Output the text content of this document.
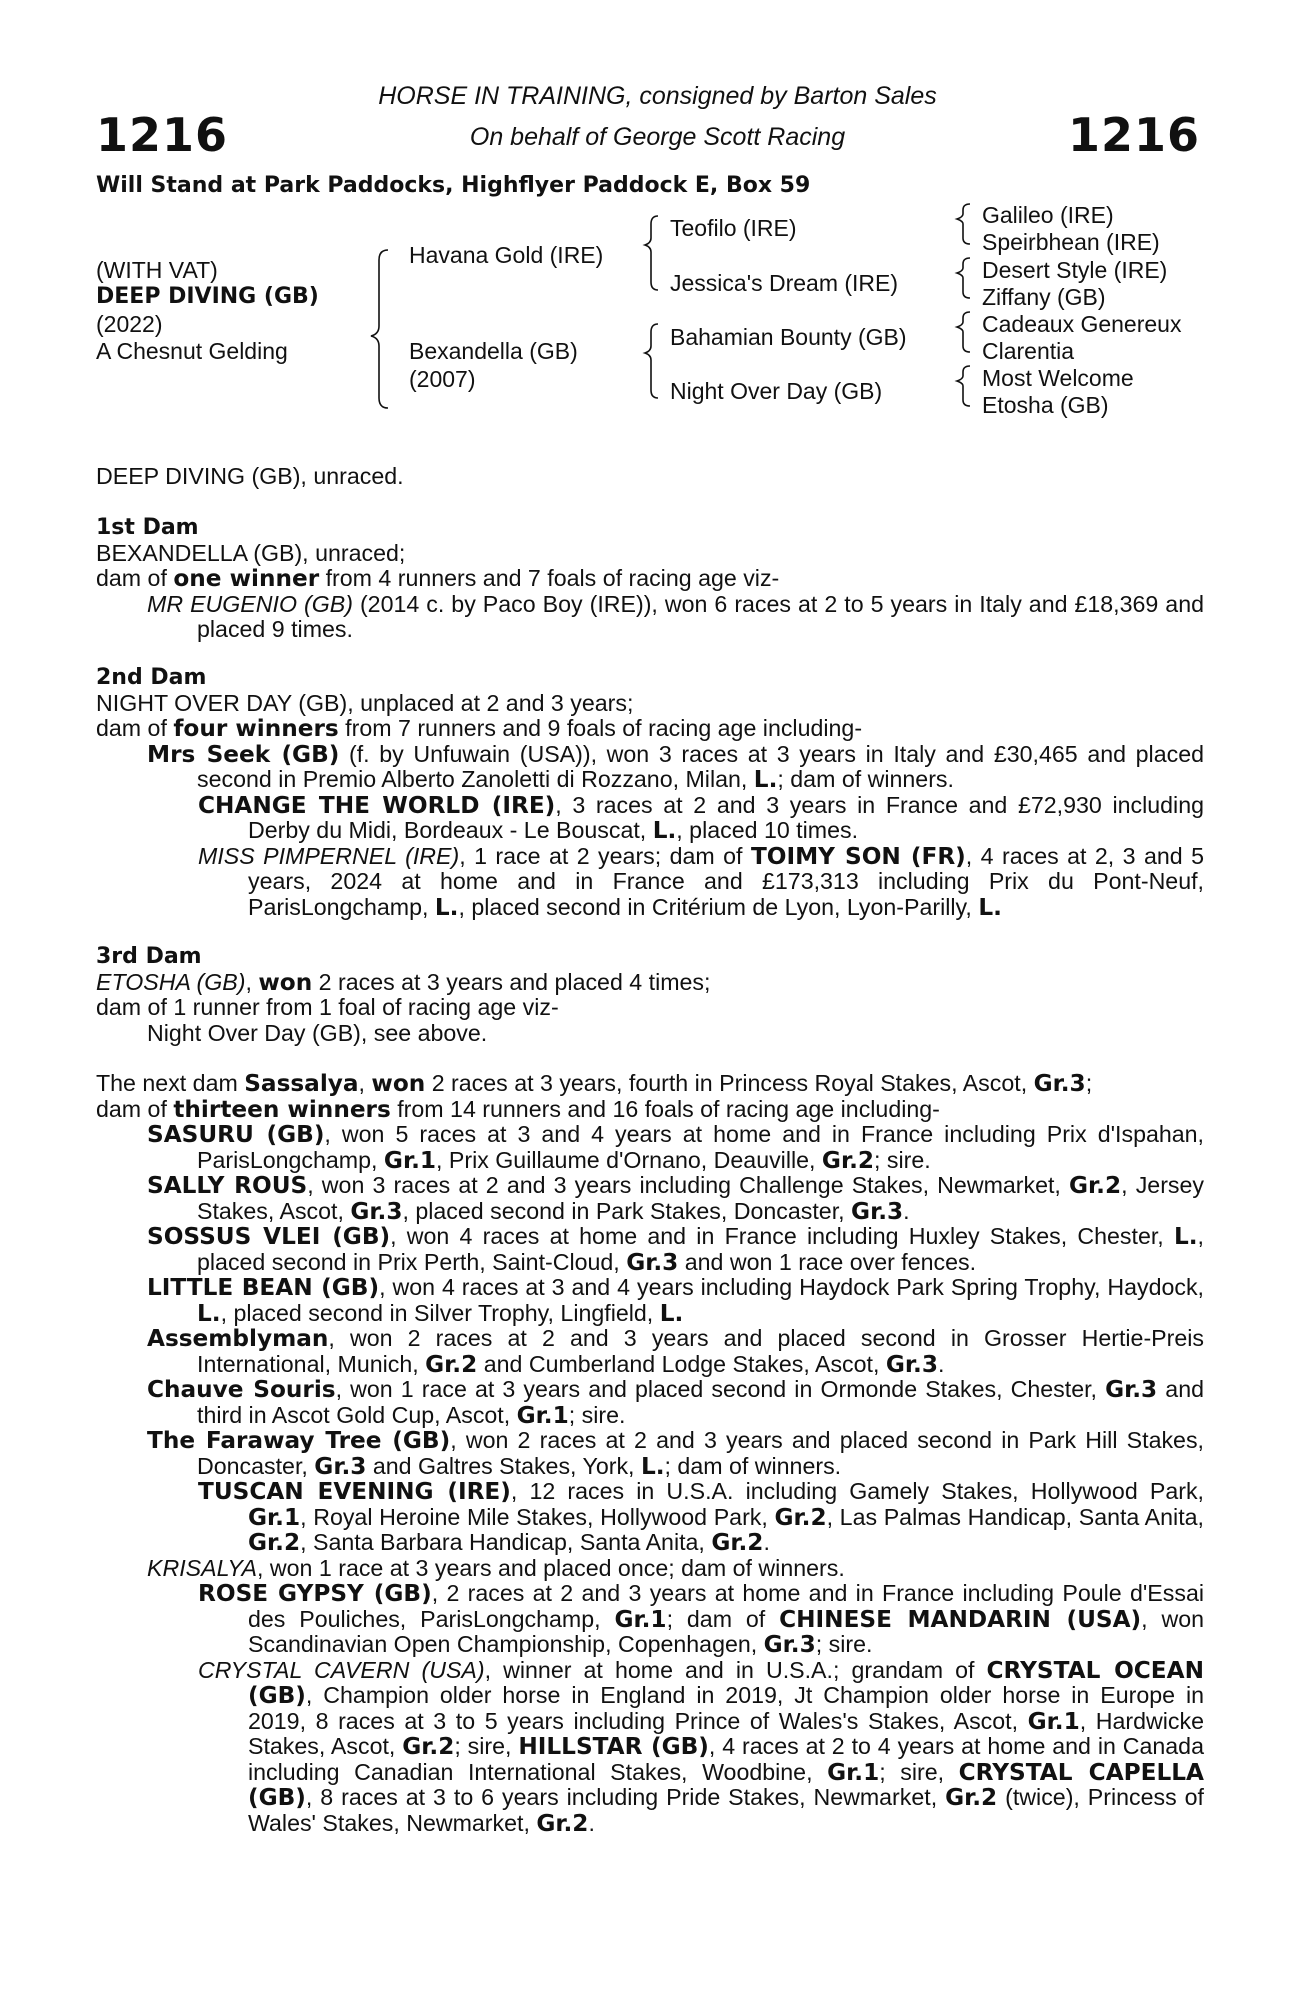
1216	1216
HORSE IN TRAINING, consigned by Barton Sales
On behalf of George Scott Racing
Will Stand at Park Paddocks, Highflyer Paddock E, Box 59
(WITH VAT)
DEEP DIVING (GB)
(2022)
A Chesnut Gelding
Havana Gold (IRE)
Bexandella (GB)
(2007)
Teofilo (IRE)
Jessica's Dream (IRE)
Bahamian Bounty (GB)
Night Over Day (GB)
Galileo (IRE)
Speirbhean (IRE)
Desert Style (IRE)
Ziffany (GB)
Cadeaux Genereux
Clarentia
Most Welcome
Etosha (GB)

DEEP DIVING (GB), unraced.

1st Dam

BEXANDELLA (GB), unraced;

dam of one winner from 4 runners and 7 foals of racing age viz-

MR EUGENIO (GB) (2014 c. by Paco Boy (IRE)), won 6 races at 2 to 5 years in Italy and £18,369 and placed 9 times.

2nd Dam

NIGHT OVER DAY (GB), unplaced at 2 and 3 years;

dam of four winners from 7 runners and 9 foals of racing age including-

Mrs Seek (GB) (f. by Unfuwain (USA)), won 3 races at 3 years in Italy and £30,465 and placed second in Premio Alberto Zanoletti di Rozzano, Milan, L.; dam of winners.

CHANGE THE WORLD (IRE), 3 races at 2 and 3 years in France and £72,930 including Derby du Midi, Bordeaux - Le Bouscat, L., placed 10 times.

MISS PIMPERNEL (IRE), 1 race at 2 years; dam of TOIMY SON (FR), 4 races at 2, 3 and 5 years, 2024 at home and in France and £173,313 including Prix du Pont-Neuf, ParisLongchamp, L., placed second in Critérium de Lyon, Lyon-Parilly, L.

3rd Dam

ETOSHA (GB), won 2 races at 3 years and placed 4 times;

dam of 1 runner from 1 foal of racing age viz-

Night Over Day (GB), see above.

The next dam Sassalya, won 2 races at 3 years, fourth in Princess Royal Stakes, Ascot, Gr.3;

dam of thirteen winners from 14 runners and 16 foals of racing age including-

SASURU (GB), won 5 races at 3 and 4 years at home and in France including Prix d'Ispahan, ParisLongchamp, Gr.1, Prix Guillaume d'Ornano, Deauville, Gr.2; sire.

SALLY ROUS, won 3 races at 2 and 3 years including Challenge Stakes, Newmarket, Gr.2, Jersey Stakes, Ascot, Gr.3, placed second in Park Stakes, Doncaster, Gr.3.

SOSSUS VLEI (GB), won 4 races at home and in France including Huxley Stakes, Chester, L., placed second in Prix Perth, Saint-Cloud, Gr.3 and won 1 race over fences.

LITTLE BEAN (GB), won 4 races at 3 and 4 years including Haydock Park Spring Trophy, Haydock, L., placed second in Silver Trophy, Lingfield, L.

Assemblyman, won 2 races at 2 and 3 years and placed second in Grosser Hertie-Preis International, Munich, Gr.2 and Cumberland Lodge Stakes, Ascot, Gr.3.

Chauve Souris, won 1 race at 3 years and placed second in Ormonde Stakes, Chester, Gr.3 and third in Ascot Gold Cup, Ascot, Gr.1; sire.

The Faraway Tree (GB), won 2 races at 2 and 3 years and placed second in Park Hill Stakes, Doncaster, Gr.3 and Galtres Stakes, York, L.; dam of winners.

TUSCAN EVENING (IRE), 12 races in U.S.A. including Gamely Stakes, Hollywood Park, Gr.1, Royal Heroine Mile Stakes, Hollywood Park, Gr.2, Las Palmas Handicap, Santa Anita, Gr.2, Santa Barbara Handicap, Santa Anita, Gr.2.

KRISALYA, won 1 race at 3 years and placed once; dam of winners.

ROSE GYPSY (GB), 2 races at 2 and 3 years at home and in France including Poule d'Essai des Pouliches, ParisLongchamp, Gr.1; dam of CHINESE MANDARIN (USA), won Scandinavian Open Championship, Copenhagen, Gr.3; sire.

CRYSTAL CAVERN (USA), winner at home and in U.S.A.; grandam of CRYSTAL OCEAN (GB), Champion older horse in England in 2019, Jt Champion older horse in Europe in 2019, 8 races at 3 to 5 years including Prince of Wales's Stakes, Ascot, Gr.1, Hardwicke Stakes, Ascot, Gr.2; sire, HILLSTAR (GB), 4 races at 2 to 4 years at home and in Canada including Canadian International Stakes, Woodbine, Gr.1; sire, CRYSTAL CAPELLA (GB), 8 races at 3 to 6 years including Pride Stakes, Newmarket, Gr.2 (twice), Princess of Wales' Stakes, Newmarket, Gr.2.
